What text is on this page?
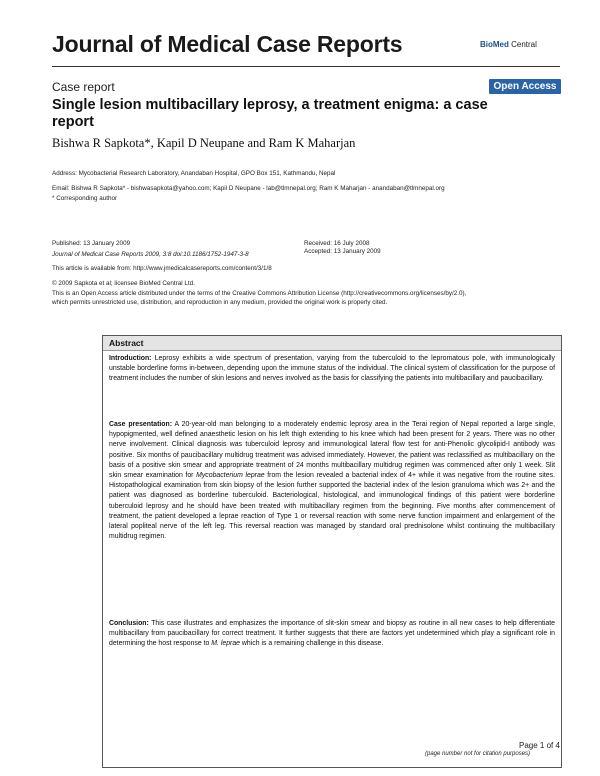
Journal of Medical Case Reports	BioMed Central
Case report	Open Access
Single lesion multibacillary leprosy, a treatment enigma: a case report
Bishwa R Sapkota*, Kapil D Neupane and Ram K Maharjan
Address: Mycobacterial Research Laboratory, Anandaban Hospital, GPO Box 151, Kathmandu, Nepal
Email: Bishwa R Sapkota* - bishwasapkota@yahoo.com; Kapil D Neupane - lab@tlmnepal.org; Ram K Maharjan - anandaban@tlmnepal.org
* Corresponding author
Published: 13 January 2009
Journal of Medical Case Reports 2009, 3:8 doi:10.1186/1752-1947-3-8
Received: 16 July 2008
Accepted: 13 January 2009
This article is available from: http://www.jmedicalcasereports.com/content/3/1/8
© 2009 Sapkota et al; licensee BioMed Central Ltd.
This is an Open Access article distributed under the terms of the Creative Commons Attribution License (http://creativecommons.org/licenses/by/2.0),
which permits unrestricted use, distribution, and reproduction in any medium, provided the original work is properly cited.
Abstract
Introduction: Leprosy exhibits a wide spectrum of presentation, varying from the tuberculoid to the lepromatous pole, with immunologically unstable borderline forms in-between, depending upon the immune status of the individual. The clinical system of classification for the purpose of treatment includes the number of skin lesions and nerves involved as the basis for classifying the patients into multibacillary and paucibacillary.
Case presentation: A 20-year-old man belonging to a moderately endemic leprosy area in the Terai region of Nepal reported a large single, hypopigmented, well defined anaesthetic lesion on his left thigh extending to his knee which had been present for 2 years. There was no other nerve involvement. Clinical diagnosis was tuberculoid leprosy and immunological lateral flow test for anti-Phenolic glycolipid-I antibody was positive. Six months of paucibacillary multidrug treatment was advised immediately. However, the patient was reclassified as multibacillary on the basis of a positive skin smear and appropriate treatment of 24 months multibacillary multidrug regimen was commenced after only 1 week. Slit skin smear examination for Mycobacterium leprae from the lesion revealed a bacterial index of 4+ while it was negative from the routine sites. Histopathological examination from skin biopsy of the lesion further supported the bacterial index of the lesion granuloma which was 2+ and the patient was diagnosed as borderline tuberculoid. Bacteriological, histological, and immunological findings of this patient were borderline tuberculoid leprosy and he should have been treated with multibacillary regimen from the beginning. Five months after commencement of treatment, the patient developed a leprae reaction of Type 1 or reversal reaction with some nerve function impairment and enlargement of the lateral popliteal nerve of the left leg. This reversal reaction was managed by standard oral prednisolone whilst continuing the multibacillary multidrug regimen.
Conclusion: This case illustrates and emphasizes the importance of slit-skin smear and biopsy as routine in all new cases to help differentiate multibacillary from paucibacillary for correct treatment. It further suggests that there are factors yet undetermined which play a significant role in determining the host response to M. leprae which is a remaining challenge in this disease.
Page 1 of 4
(page number not for citation purposes)
